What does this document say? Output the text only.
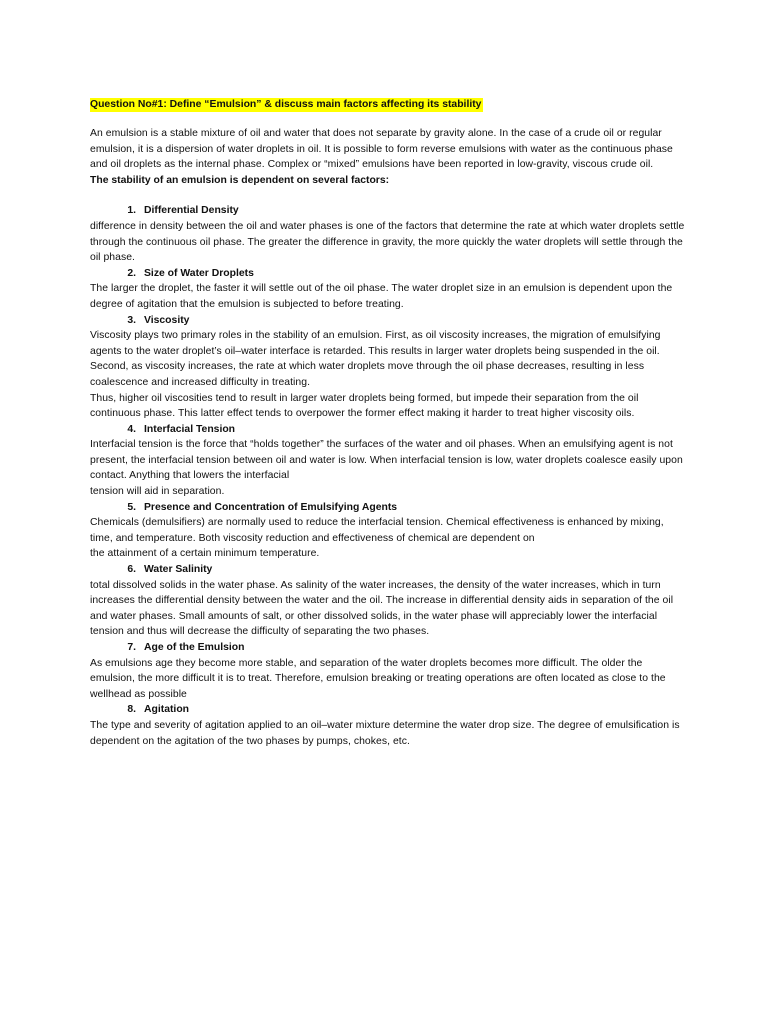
Question No#1: Define “Emulsion” & discuss main factors affecting its stability

An emulsion is a stable mixture of oil and water that does not separate by gravity alone. In the case of a crude oil or regular emulsion, it is a dispersion of water droplets in oil. It is possible to form reverse emulsions with water as the continuous phase and oil droplets as the internal phase. Complex or “mixed” emulsions have been reported in low-gravity, viscous crude oil.

The stability of an emulsion is dependent on several factors:

1. Differential Density

difference in density between the oil and water phases is one of the factors that determine the rate at which water droplets settle through the continuous oil phase. The greater the difference in gravity, the more quickly the water droplets will settle through the oil phase.

2. Size of Water Droplets

The larger the droplet, the faster it will settle out of the oil phase. The water droplet size in an emulsion is dependent upon the degree of agitation that the emulsion is subjected to before treating.

3. Viscosity

Viscosity plays two primary roles in the stability of an emulsion. First, as oil viscosity increases, the migration of emulsifying agents to the water droplet’s oil–water interface is retarded. This results in larger water droplets being suspended in the oil. Second, as viscosity increases, the rate at which water droplets move through the oil phase decreases, resulting in less coalescence and increased difficulty in treating.

Thus, higher oil viscosities tend to result in larger water droplets being formed, but impede their separation from the oil continuous phase. This latter effect tends to overpower the former effect making it harder to treat higher viscosity oils.

4. Interfacial Tension

Interfacial tension is the force that “holds together” the surfaces of the water and oil phases. When an emulsifying agent is not present, the interfacial tension between oil and water is low. When interfacial tension is low, water droplets coalesce easily upon contact. Anything that lowers the interfacial

tension will aid in separation.

5. Presence and Concentration of Emulsifying Agents

Chemicals (demulsifiers) are normally used to reduce the interfacial tension. Chemical effectiveness is enhanced by mixing, time, and temperature. Both viscosity reduction and effectiveness of chemical are dependent on

the attainment of a certain minimum temperature.

6. Water Salinity

total dissolved solids in the water phase. As salinity of the water increases, the density of the water increases, which in turn increases the differential density between the water and the oil. The increase in differential density aids in separation of the oil and water phases. Small amounts of salt, or other dissolved solids, in the water phase will appreciably lower the interfacial tension and thus will decrease the difficulty of separating the two phases.

7. Age of the Emulsion

As emulsions age they become more stable, and separation of the water droplets becomes more difficult. The older the emulsion, the more difficult it is to treat. Therefore, emulsion breaking or treating operations are often located as close to the wellhead as possible

8. Agitation

The type and severity of agitation applied to an oil–water mixture determine the water drop size. The degree of emulsification is dependent on the agitation of the two phases by pumps, chokes, etc.
